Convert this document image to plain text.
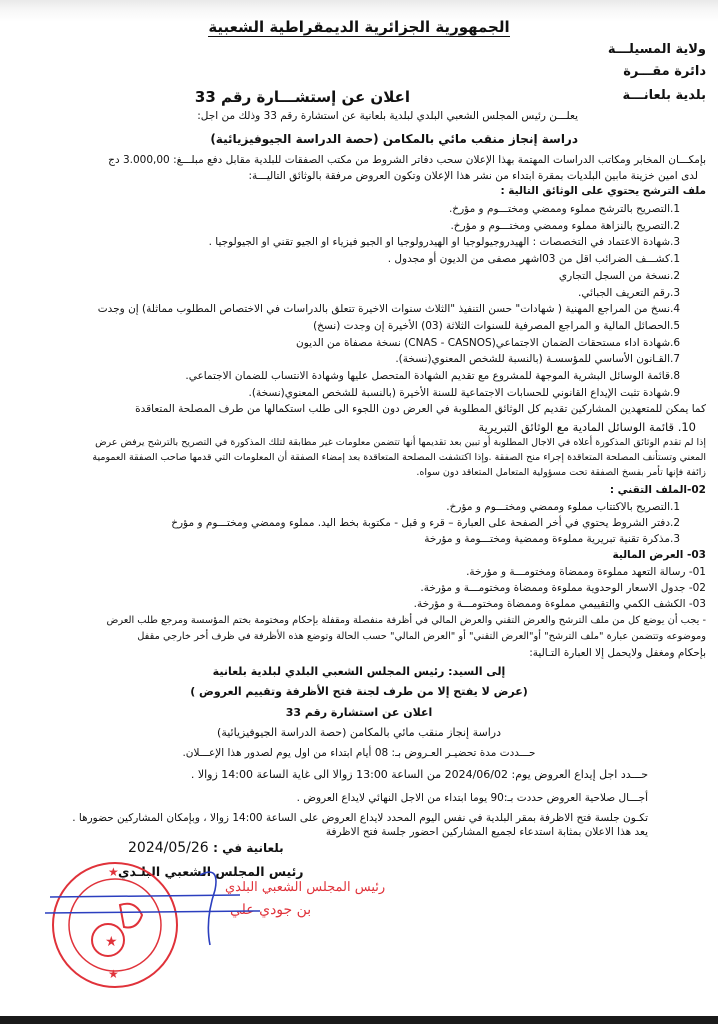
الجمهورية الجزائرية الديمقراطية الشعبية
ولاية المسيلـــة
دائرة مقـــرة
بلدية بلعانـــة
اعلان عن إستشـــارة رقم 33
يعلـــن رئيس المجلس الشعبي البلدي لبلدية بلعانية عن استشارة رقم 33 وذلك من اجل:
دراسة إنجاز منقب مائي بالمكامن (حصة الدراسة الجيوفيزيائية)
بإمكـــان المخابر ومكاتب الدراسات المهتمة بهذا الإعلان سحب دفاتر الشروط من مكتب الصفقات للبلدية مقابل دفع مبلـــغ: 3.000,00 دج
لدى امين خزينة مابين البلديات بمقرة ابتداء من نشر هذا الإعلان وتكون العروض مرفقة بالوثائق التاليـــة:
ملف الترشح يحتوي على الوثائق التالية :
1.التصريح بالترشح مملوء وممضي ومختـــوم و مؤرخ.
2.التصريح بالنزاهة مملوء وممضي ومختـــوم و مؤرخ.
3.شهادة الاعتماد في التخصصات : الهيدروجيولوجيا او الهيدرولوجيا او الجيو فيزياء او الجيو تقني او الجيولوجيا .
1.كشـــف الضرائب اقل من 03اشهر مصفى من الديون أو مجدول .
2.نسخة من السجل التجاري
3.رقم التعريف الجبائي.
4.نسخ من المراجع المهنية ( شهادات" حسن التنفيذ "الثلاث سنوات الاخيرة تتعلق بالدراسات في الاختصاص المطلوب مماثلة) إن وجدت
5.الحصائل المالية و المراجع المصرفية للسنوات الثلاثة (03) الأخيرة إن وجدت (نسخ)
6.شهادة اداء مستحقات الضمان الاجتماعي(CNAS - CASNOS) نسخة مصفاة من الديون
7.القـانون الأساسي للمؤسسـة (بالنسبة للشخص المعنوي(نسخة).
8.قائمة الوسائل البشرية الموجهة للمشروع مع تقديم الشهادة المتحصل عليها وشهادة الانتساب للضمان الاجتماعي.
9.شهادة تثبت الإيداع القانوني للحسابات الاجتماعية للسنة الأخيرة (بالنسبة للشخص المعنوي(نسخة).
كما يمكن للمتعهدين المشاركين تقديم كل الوثائق المطلوبة في العرض دون اللجوء الى طلب استكمالها من طرف المصلحة المتعاقدة
10. قائمة الوسائل المادية مع الوثائق التبريرية
إذا لم تقدم الوثائق المذكورة أعلاه في الاجال المطلوبة أو تبين بعد تقديمها أنها تتضمن معلومات غير مطابقة لتلك المذكورة في التصريح بالترشح يرفض عرض
المعني وتستأنف المصلحة المتعاقدة إجراء منح الصفقة .وإذا اكتشفت المصلحة المتعاقدة بعد إمضاء الصفقة أن المعلومات التي قدمها صاحب الصفقة العمومية
زائفة فإنها تأمر بفسخ الصفقة تحت مسؤولية المتعامل المتعاقد دون سواه.
02-الملف التقني :
1.التصريح بالاكتتاب مملوء وممضي ومختـــوم و مؤرخ.
2.دفتر الشروط يحتوي في أخر الصفحة على العبارة – قرء و قبل - مكتوبة بخط اليد. مملوء وممضي ومختـــوم و مؤرخ
3.مذكرة تقنية تبريرية مملوءة وممضية ومختـــومة و مؤرخة
03- العرض المالية
01- رسالة التعهد مملوءة وممضاة ومختومـــة و مؤرخة.
02- جدول الاسعار الوحدوية مملوءة وممضاة ومختومـــة و مؤرخة.
03- الكشف الكمي والتقييمي مملوءة وممضاة ومختومـــة و مؤرخة.
- يجب أن يوضع كل من ملف الترشح والعرض التقني والعرض المالي في أظرفة منفصلة ومقفلة بإحكام ومختومة بختم المؤسسة ومرجع طلب العرض
وموضوعه وتتضمن عبارة "ملف الترشح" أو"العرض التقني" أو "العرض المالي" حسب الحالة وتوضع هذه الأظرفة في ظرف أخر خارجي مقفل
بإحكام ومغفل ولايحمل إلا العبارة التـالية:
إلى السيد: رئيس المجلس الشعبي البلدي لبلدية بلعانية
(عرض لا يفتح إلا من طرف لجنة فتح الأظرفة وتقييم العروض )
اعلان عن استشارة رقم 33
دراسة إنجاز منقب مائي بالمكامن (حصة الدراسة الجيوفيزيائية)
حـــددت مدة تحضيـر العـروض بـ: 08 أيام ابتداء من اول يوم لصدور هذا الإعـــلان.
حـــدد اجل إيداع العروض يوم: 2024/06/02 من الساعة 13:00 زوالا الى غاية الساعة 14:00 زوالا .
أجـــال صلاحية العروض حددت بـ:90 يوما ابتداء من الاجل النهائي لايداع العروض .
تكـون جلسة فتح الاظرفة بمقر البلدية في نفس اليوم المحدد لايداع العروض على الساعة 14:00 زوالا ، وبإمكان المشاركين حضورها .
يعد هذا الاعلان بمثابة استدعاء لجميع المشاركين احضور جلسة فتح الاظرفة
بلعانية في : 2024/05/26
رئيس المجلس الشعبي البلـدي
★
★
★
رئيس المجلس الشعبي البلدي
بن جودي علي
